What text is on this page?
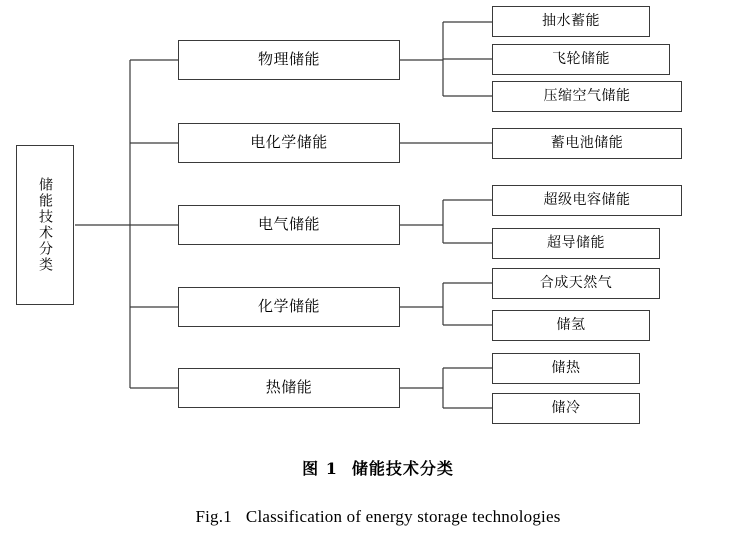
储能技术分类
物理储能
电化学储能
电气储能
化学储能
热储能
抽水蓄能
飞轮储能
压缩空气储能
蓄电池储能
超级电容储能
超导储能
合成天然气
储氢
储热
储冷
图 1 储能技术分类
Fig.1 Classification of energy storage technologies
